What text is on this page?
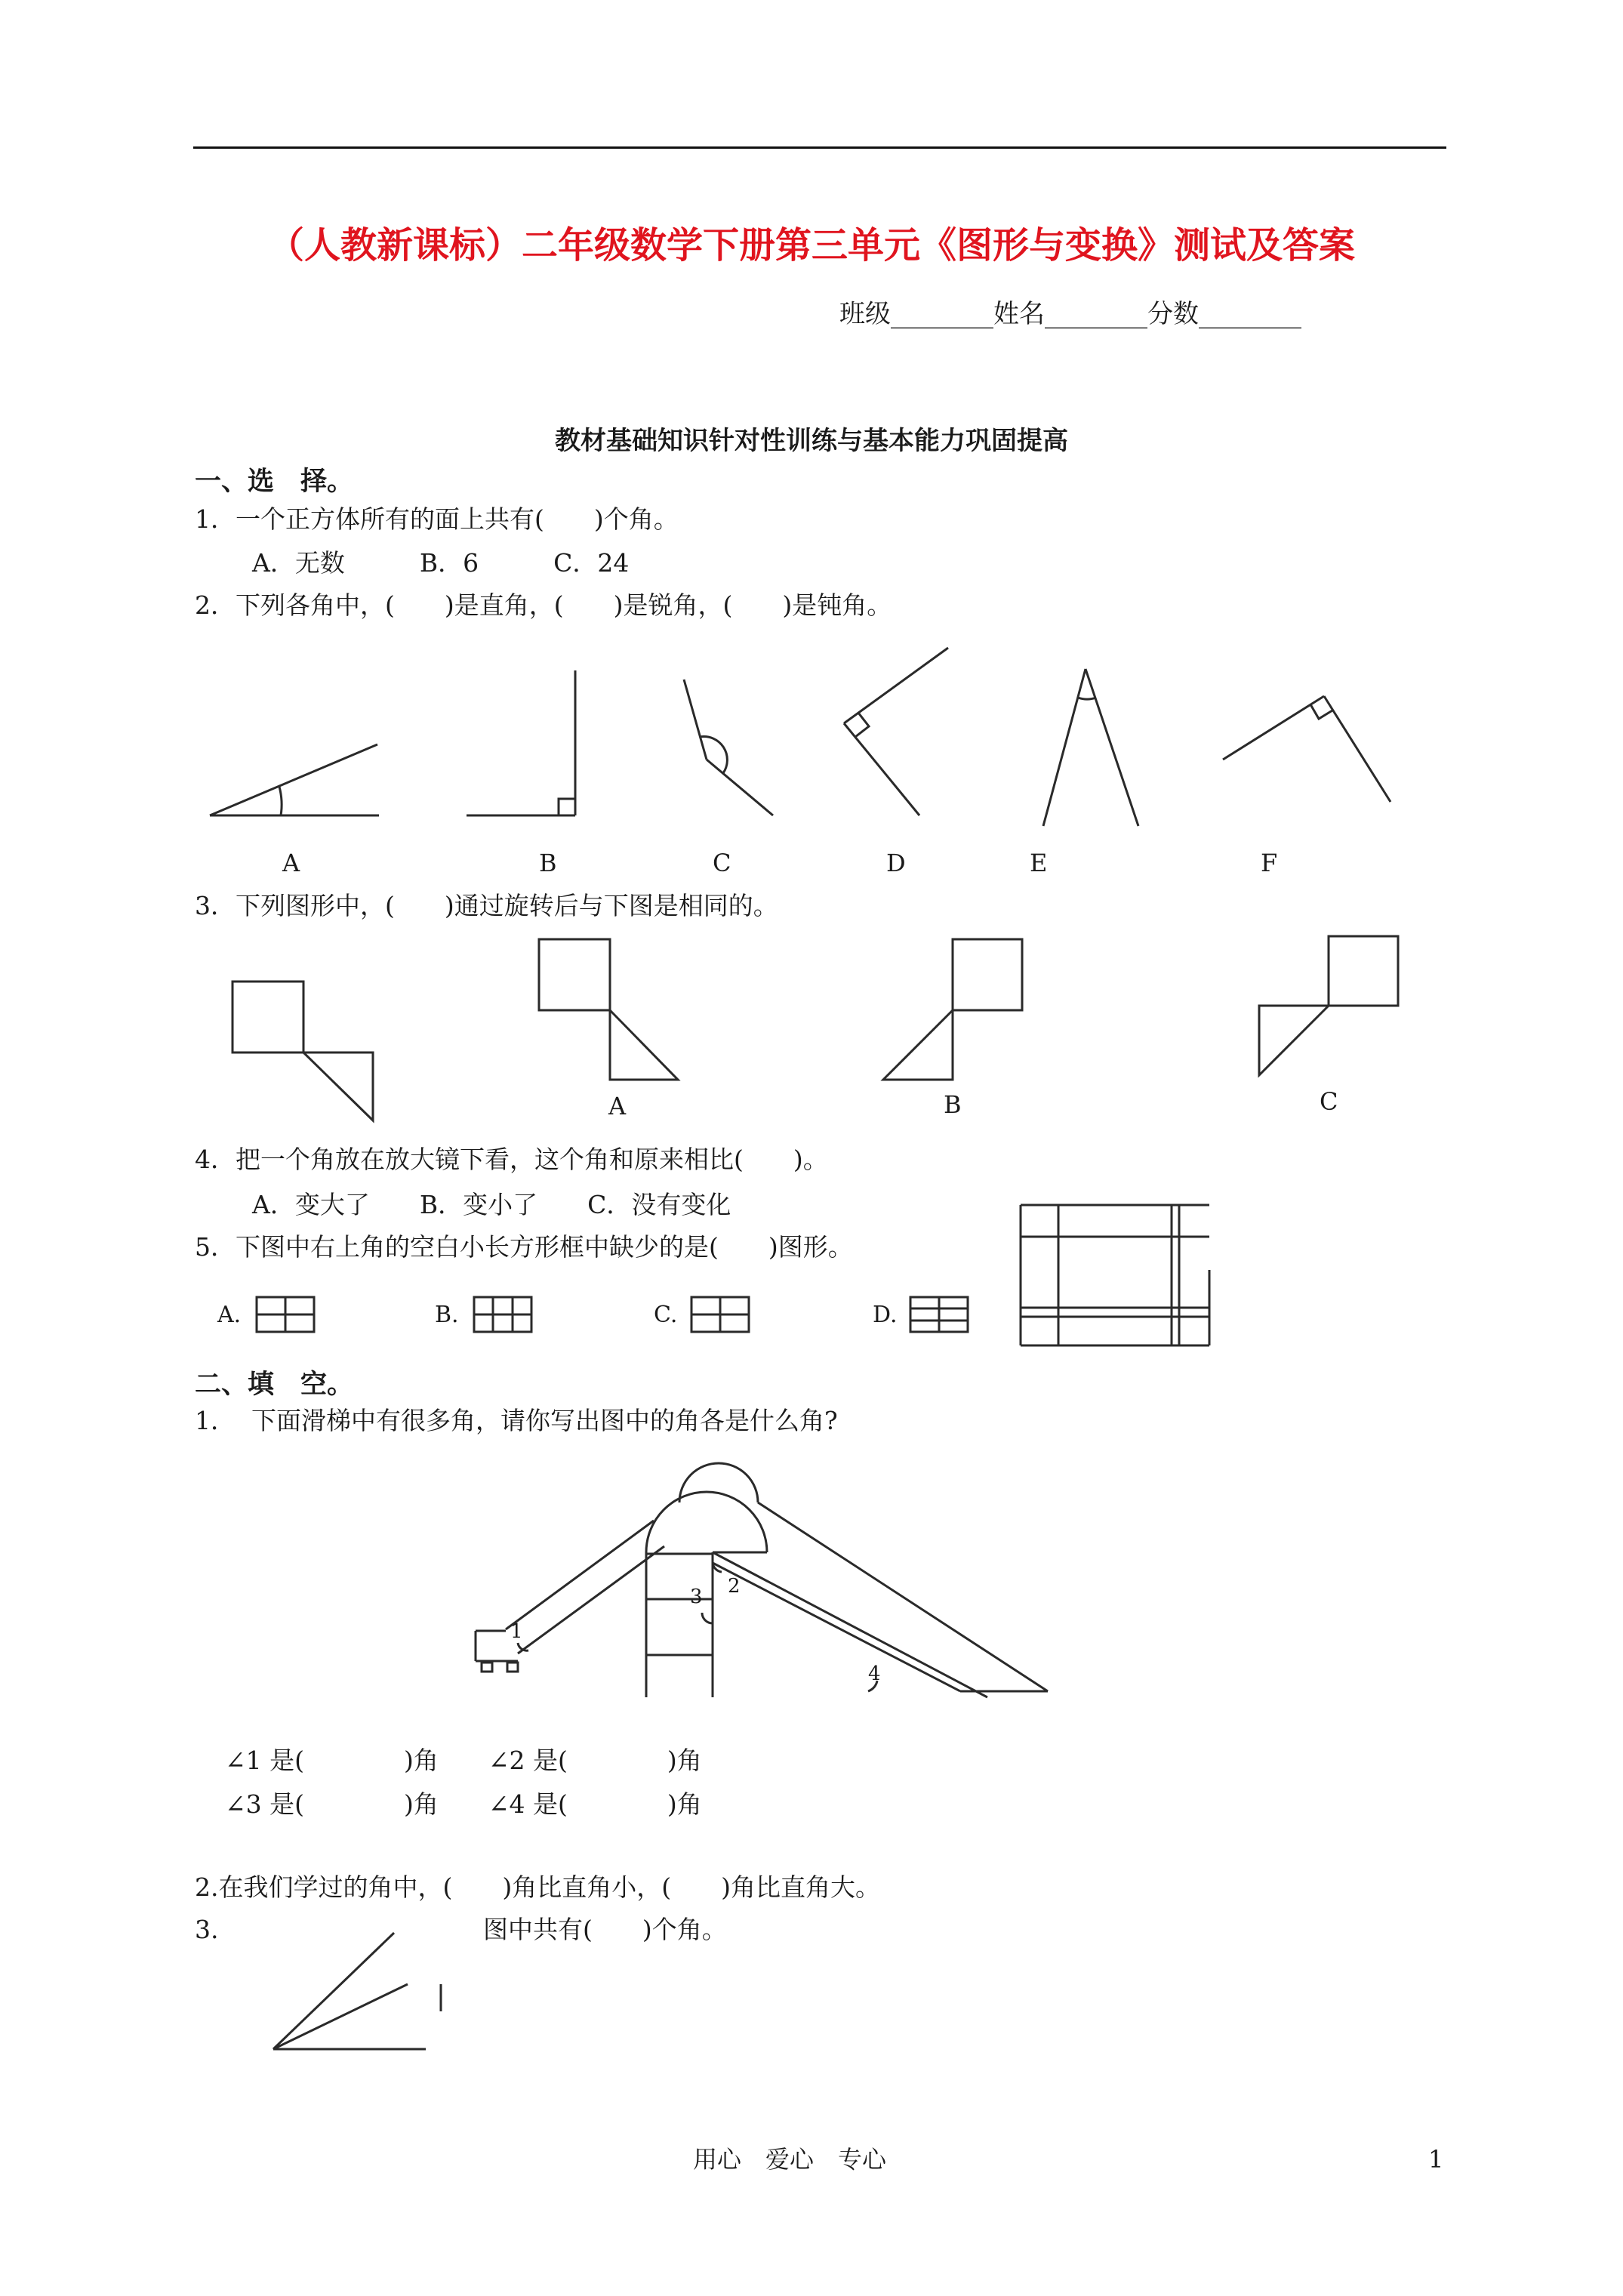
（人教新课标）二年级数学下册第三单元《图形与变换》测试及答案
班级________姓名________分数________
教材基础知识针对性训练与基本能力巩固提高
一、选　择。
1．一个正方体所有的面上共有(　　)个角。
A．无数　　　B．6　　　C．24
2．下列各角中，(　　)是直角，(　　)是锐角，(　　)是钝角。
A	B	C	D	E	F
3．下列图形中，(　　)通过旋转后与下图是相同的。
A	B	C
4．把一个角放在放大镜下看，这个角和原来相比(　　)。
A．变大了　　B．变小了　　C．没有变化
5．下图中右上角的空白小长方形框中缺少的是(　　)图形。
A.	B.	C.	D.
二、填　空。
1．  下面滑梯中有很多角，请你写出图中的角各是什么角?
1
2
3
4
∠1 是(　　　　)角　　∠2 是(　　　　)角
∠3 是(　　　　)角　　∠4 是(　　　　)角
2.在我们学过的角中，(　　)角比直角小，(　　)角比直角大。
3.	图中共有(　　)个角。
用心　爱心　专心	1
